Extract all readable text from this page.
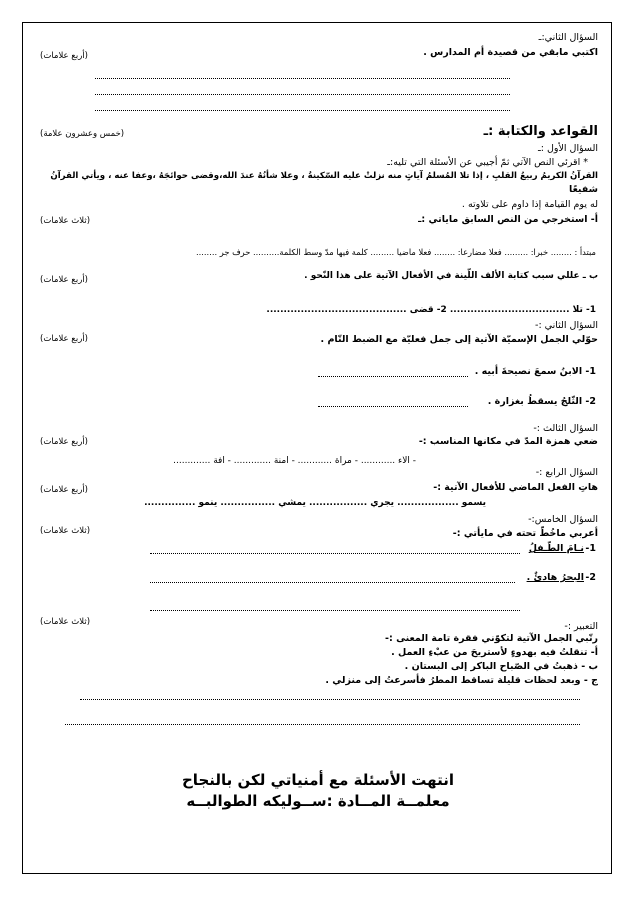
السؤال الثاني:ـ
اكتبي مابقي من قصيدة أم المدارس .
(أربع علامات)
القواعد والكتابة :ـ
(خمس وعشرون علامة)
السؤال الأول :ـ
* اقرئي النص الآتي ثمّ أجيبي عن الأسئلة التي تليه:ـ
القرآنُ الكريمُ ربيعُ القلبِ ، إذا تلا المُسلمُ آياتٍ منه نزلتْ عليه السّكينةُ ، وعلا شأنُهُ عندَ الله،وقضى حوائجَهُ ،وعفا عنه ، ويأتي القرآنُ
شفيعًا
له يوم القيامة إذا داوم على تلاوته .
أ- استخرجي من النص السابق ماياتي :ـ
(ثلاث علامات)
مبتدأ : ........ خبرا: ......... فعلا مضارعا: ........ فعلا ماضيا ......... كلمة فيها مدّ وسط الكلمة.......... حرف جر ........
ب ـ عللي سبب كتابة الألف اللّينة في الأفعال الآتية على هذا النّحو .
(أربع علامات)
1- تلا ................................... 2- قضى .........................................
السؤال الثاني :-
حوّلي الجمل الإسميّة الآتية إلى جمل فعليّة مع الضبط التّام .
(أربع علامات)
1- الابنُ سمعَ نصيحةَ أبيه .
2- الثّلجُ يسقطُ بغزارة .
السؤال الثالث :-
ضعي همزة المدّ في مكانها المناسب :-
(أربع علامات)
- الاء ............ - مراة ............ - امنة ............. - افة .............
السؤال الرابع :-
هاتِ الفعل الماضي للأفعال الآتية :-
(أربع علامات)
يسمو .................. يجري ................. يمشي ................ ينمو ...............
السؤال الخامس:-
أعربي ماخُطّ تحته في مايأتي :-
(ثلاث علامات)
1-
نـامَ الطّـفلُ
2-
البحرُ هادئٌ .
التعبير :-
(ثلاث علامات)
رتّبي الجمل الآتية لتكوّني فقرة تامة المعنى :-
أ- تنقلتُ فيه بهدوءٍ لأستريحَ من عبْءِ العمل .
ب - ذهبتُ في الصّباح الباكر إلى البستان .
ج - وبعد لحظات قليلة تساقط المطرُ فأسرعتُ إلى منزلي .
انتهت الأسئلة مع أمنياتي لكن بالنجاح
معلمــة المــادة :ســوليكه الطوالبــه
